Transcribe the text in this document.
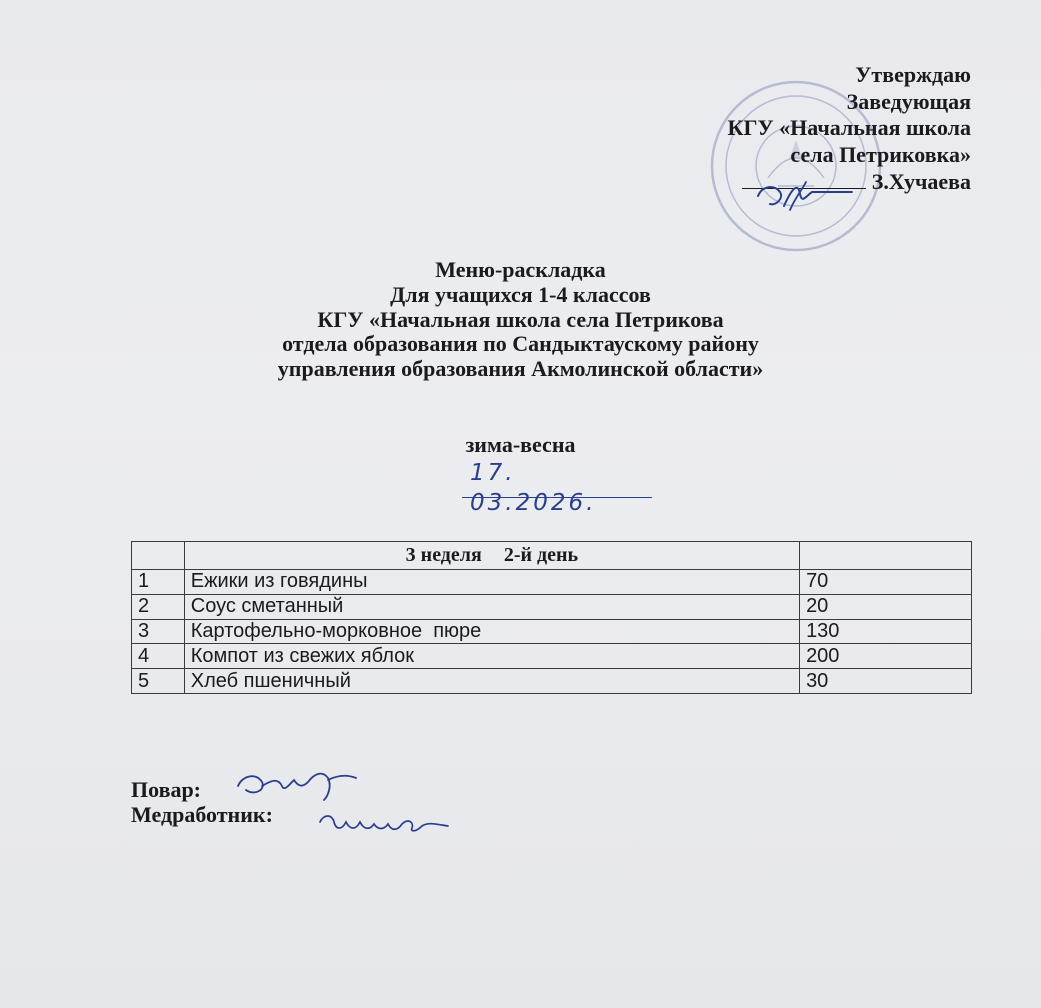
Утверждаю
Заведующая
КГУ «Начальная школа
села Петриковка»
З.Хучаева
Меню-раскладка
Для учащихся 1-4 классов
КГУ «Начальная школа села Петрикова
отдела образования по Сандыктаускому району
управления образования Акмолинской области»
зима-весна
17. 03.2026.
	3 неделя 2-й день	
1	Ежики из говядины	70
2	Соус сметанный	20
3	Картофельно-морковное  пюре	130
4	Компот из свежих яблок	200
5	Хлеб пшеничный	30
Повар:
Медработник:
